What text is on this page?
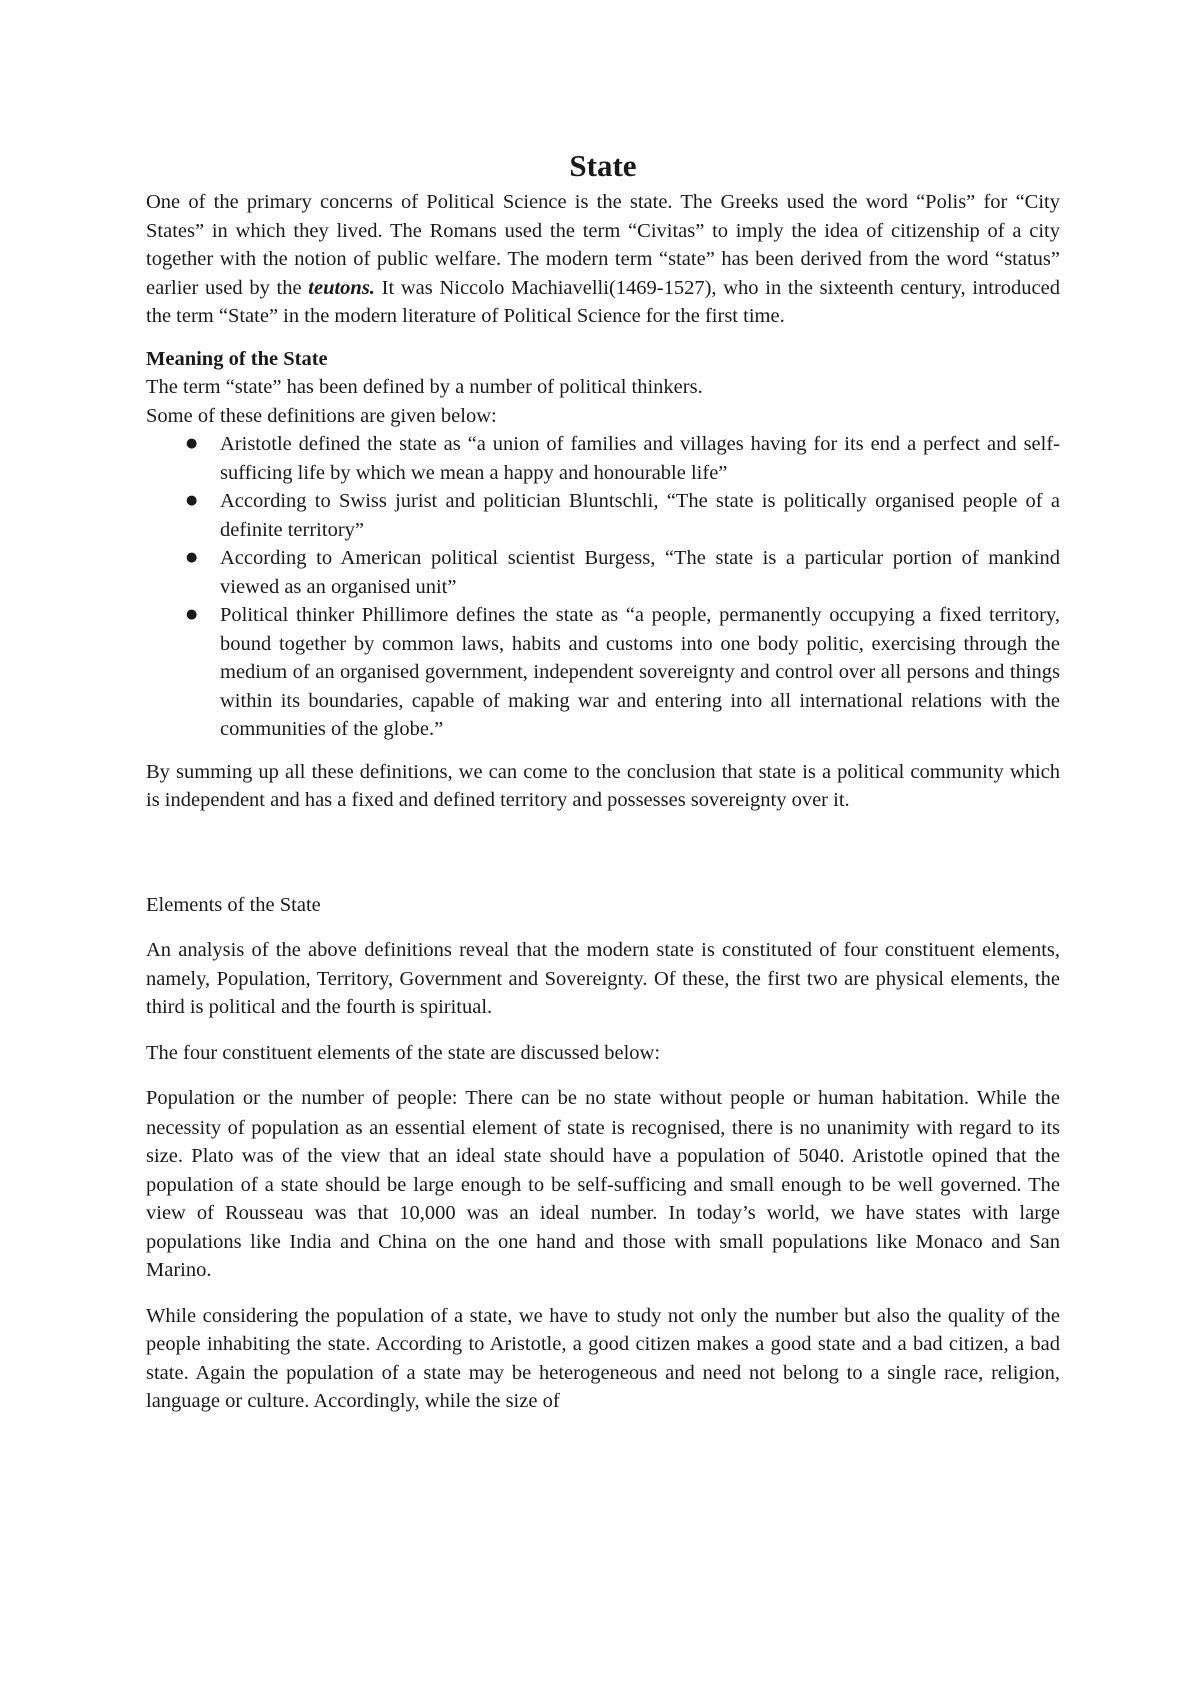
State

One of the primary concerns of Political Science is the state. The Greeks used the word “Polis” for “City States” in which they lived. The Romans used the term “Civitas” to imply the idea of citizenship of a city together with the notion of public welfare. The modern term “state” has been derived from the word “status” earlier used by the teutons. It was Niccolo Machiavelli(1469-1527), who in the sixteenth century, introduced the term “State” in the modern literature of Political Science for the first time.

Meaning of the State

The term “state” has been defined by a number of political thinkers.

Some of these definitions are given below:

● Aristotle defined the state as “a union of families and villages having for its end a perfect and self-sufficing life by which we mean a happy and honourable life”
● According to Swiss jurist and politician Bluntschli, “The state is politically organised people of a definite territory”
● According to American political scientist Burgess, “The state is a particular portion of mankind viewed as an organised unit”
● Political thinker Phillimore defines the state as “a people, permanently occupying a fixed territory, bound together by common laws, habits and customs into one body politic, exercising through the medium of an organised government, independent sovereignty and control over all persons and things within its boundaries, capable of making war and entering into all international relations with the communities of the globe.”

By summing up all these definitions, we can come to the conclusion that state is a political community which is independent and has a fixed and defined territory and possesses sovereignty over it.

Elements of the State

An analysis of the above definitions reveal that the modern state is constituted of four constituent elements, namely, Population, Territory, Government and Sovereignty. Of these, the first two are physical elements, the third is political and the fourth is spiritual.

The four constituent elements of the state are discussed below:

Population or the number of people: There can be no state without people or human habitation. While the necessity of population as an essential element of state is recognised, there is no unanimity with regard to its size. Plato was of the view that an ideal state should have a population of 5040. Aristotle opined that the population of a state should be large enough to be self-sufficing and small enough to be well governed. The view of Rousseau was that 10,000 was an ideal number. In today’s world, we have states with large populations like India and China on the one hand and those with small populations like Monaco and San Marino.

While considering the population of a state, we have to study not only the number but also the quality of the people inhabiting the state. According to Aristotle, a good citizen makes a good state and a bad citizen, a bad state. Again the population of a state may be heterogeneous and need not belong to a single race, religion, language or culture. Accordingly, while the size of
